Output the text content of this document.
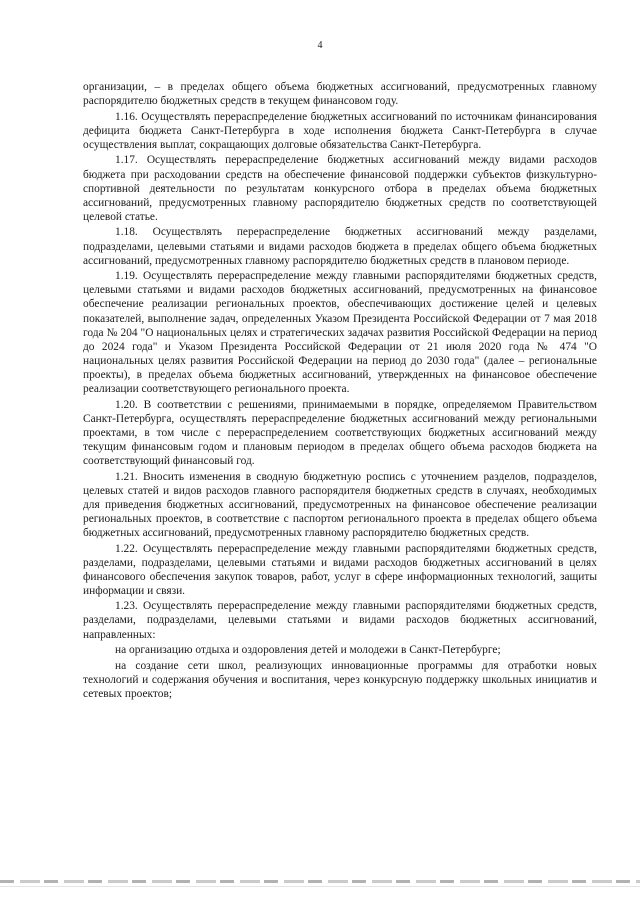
4

организации, – в пределах общего объема бюджетных ассигнований, предусмотренных главному распорядителю бюджетных средств в текущем финансовом году.

1.16. Осуществлять перераспределение бюджетных ассигнований по источникам финансирования дефицита бюджета Санкт-Петербурга в ходе исполнения бюджета Санкт-Петербурга в случае осуществления выплат, сокращающих долговые обязательства Санкт-Петербурга.

1.17. Осуществлять перераспределение бюджетных ассигнований между видами расходов бюджета при расходовании средств на обеспечение финансовой поддержки субъектов физкультурно-спортивной деятельности по результатам конкурсного отбора в пределах объема бюджетных ассигнований, предусмотренных главному распорядителю бюджетных средств по соответствующей целевой статье.

1.18. Осуществлять перераспределение бюджетных ассигнований между разделами, подразделами, целевыми статьями и видами расходов бюджета в пределах общего объема бюджетных ассигнований, предусмотренных главному распорядителю бюджетных средств в плановом периоде.

1.19. Осуществлять перераспределение между главными распорядителями бюджетных средств, целевыми статьями и видами расходов бюджетных ассигнований, предусмотренных на финансовое обеспечение реализации региональных проектов, обеспечивающих достижение целей и целевых показателей, выполнение задач, определенных Указом Президента Российской Федерации от 7 мая 2018 года № 204 "О национальных целях и стратегических задачах развития Российской Федерации на период до 2024 года" и Указом Президента Российской Федерации от 21 июля 2020 года № 474 "О национальных целях развития Российской Федерации на период до 2030 года" (далее – региональные проекты), в пределах объема бюджетных ассигнований, утвержденных на финансовое обеспечение реализации соответствующего регионального проекта.

1.20. В соответствии с решениями, принимаемыми в порядке, определяемом Правительством Санкт-Петербурга, осуществлять перераспределение бюджетных ассигнований между региональными проектами, в том числе с перераспределением соответствующих бюджетных ассигнований между текущим финансовым годом и плановым периодом в пределах общего объема расходов бюджета на соответствующий финансовый год.

1.21. Вносить изменения в сводную бюджетную роспись с уточнением разделов, подразделов, целевых статей и видов расходов главного распорядителя бюджетных средств в случаях, необходимых для приведения бюджетных ассигнований, предусмотренных на финансовое обеспечение реализации региональных проектов, в соответствие с паспортом регионального проекта в пределах общего объема бюджетных ассигнований, предусмотренных главному распорядителю бюджетных средств.

1.22. Осуществлять перераспределение между главными распорядителями бюджетных средств, разделами, подразделами, целевыми статьями и видами расходов бюджетных ассигнований в целях финансового обеспечения закупок товаров, работ, услуг в сфере информационных технологий, защиты информации и связи.

1.23. Осуществлять перераспределение между главными распорядителями бюджетных средств, разделами, подразделами, целевыми статьями и видами расходов бюджетных ассигнований, направленных:

на организацию отдыха и оздоровления детей и молодежи в Санкт-Петербурге;

на создание сети школ, реализующих инновационные программы для отработки новых технологий и содержания обучения и воспитания, через конкурсную поддержку школьных инициатив и сетевых проектов;
